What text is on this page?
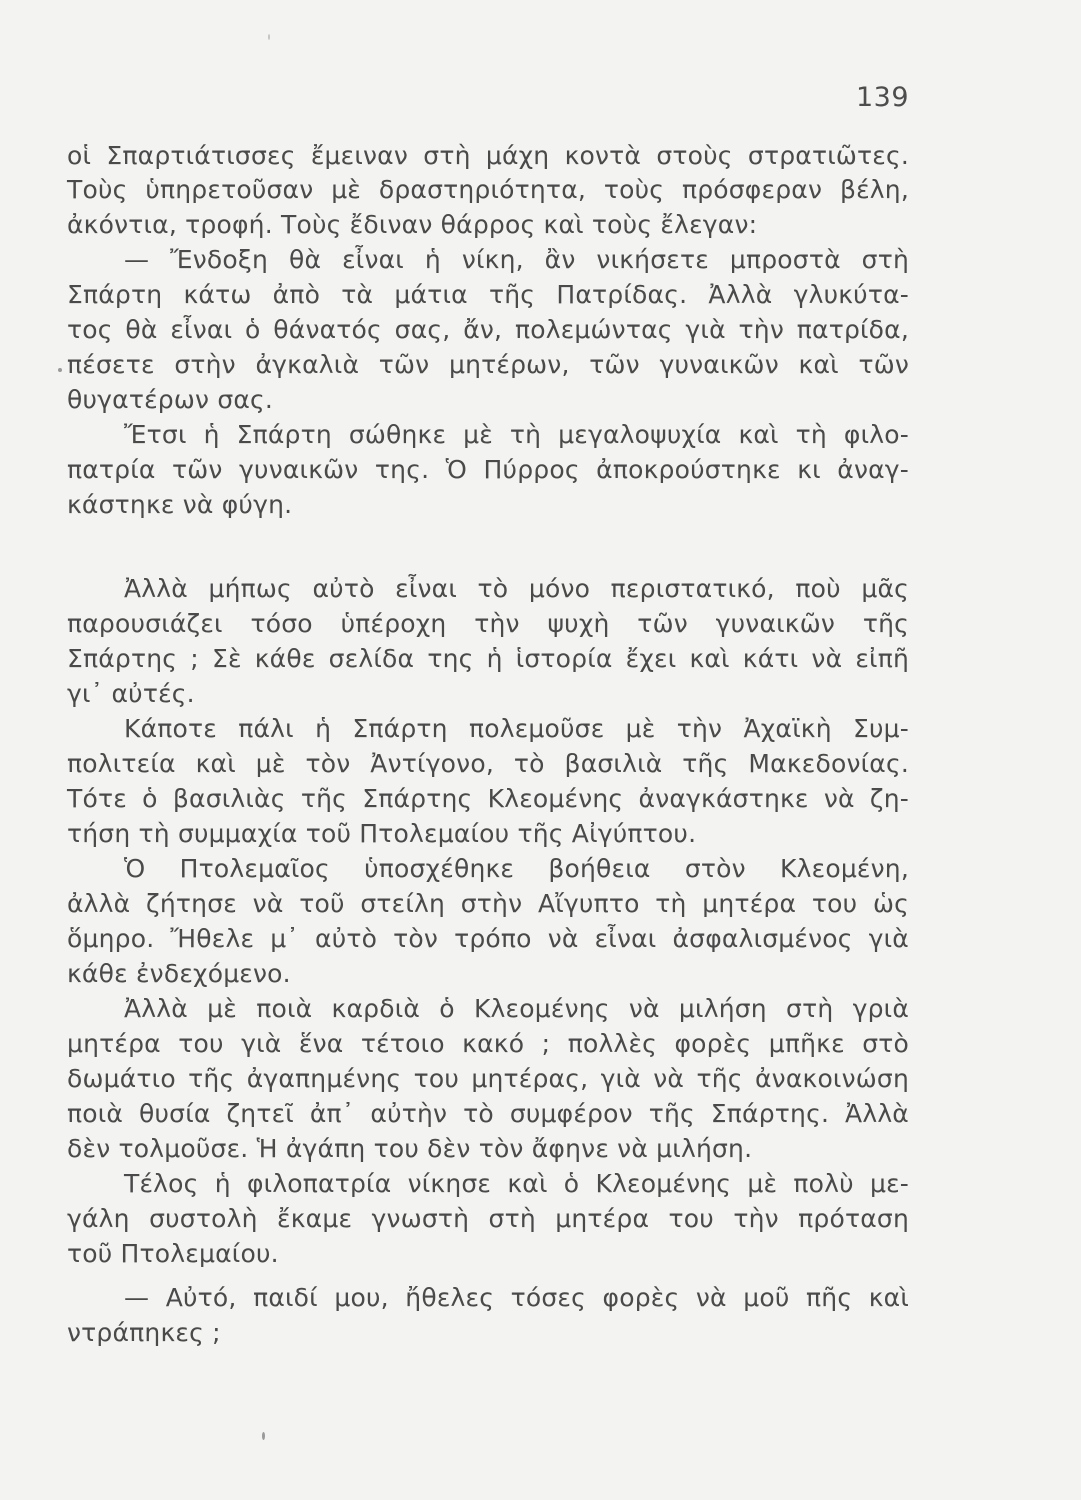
139
οἱ Σπαρτιάτισσες ἔμειναν στὴ μάχη κοντὰ στοὺς στρατιῶτες.
Τοὺς ὑπηρετοῦσαν μὲ δραστηριότητα, τοὺς πρόσφεραν βέλη,
ἀκόντια, τροφή. Τοὺς ἔδιναν θάρρος καὶ τοὺς ἔλεγαν:
— Ἔνδοξη θὰ εἶναι ἡ νίκη, ἂν νικήσετε μπροστὰ στὴ
Σπάρτη κάτω ἀπὸ τὰ μάτια τῆς Πατρίδας. Ἀλλὰ γλυκύτα-
τος θὰ εἶναι ὁ θάνατός σας, ἄν, πολεμώντας γιὰ τὴν πατρίδα,
πέσετε στὴν ἀγκαλιὰ τῶν μητέρων, τῶν γυναικῶν καὶ τῶν
θυγατέρων σας.
Ἔτσι ἡ Σπάρτη σώθηκε μὲ τὴ μεγαλοψυχία καὶ τὴ φιλο-
πατρία τῶν γυναικῶν της. Ὁ Πύρρος ἀποκρούστηκε κι ἀναγ-
κάστηκε νὰ φύγη.
Ἀλλὰ μήπως αὐτὸ εἶναι τὸ μόνο περιστατικό, ποὺ μᾶς
παρουσιάζει τόσο ὑπέροχη τὴν ψυχὴ τῶν γυναικῶν τῆς
Σπάρτης ; Σὲ κάθε σελίδα της ἡ ἱστορία ἔχει καὶ κάτι νὰ εἰπῆ
γι᾿ αὐτές.
Κάποτε πάλι ἡ Σπάρτη πολεμοῦσε μὲ τὴν Ἀχαϊκὴ Συμ-
πολιτεία καὶ μὲ τὸν Ἀντίγονο, τὸ βασιλιὰ τῆς Μακεδονίας.
Τότε ὁ βασιλιὰς τῆς Σπάρτης Κλεομένης ἀναγκάστηκε νὰ ζη-
τήση τὴ συμμαχία τοῦ Πτολεμαίου τῆς Αἰγύπτου.
Ὁ Πτολεμαῖος ὑποσχέθηκε βοήθεια στὸν Κλεομένη,
ἀλλὰ ζήτησε νὰ τοῦ στείλη στὴν Αἴγυπτο τὴ μητέρα του ὡς
ὅμηρο. Ἤθελε μ᾿ αὐτὸ τὸν τρόπο νὰ εἶναι ἀσφαλισμένος γιὰ
κάθε ἐνδεχόμενο.
Ἀλλὰ μὲ ποιὰ καρδιὰ ὁ Κλεομένης νὰ μιλήση στὴ γριὰ
μητέρα του γιὰ ἕνα τέτοιο κακό ; πολλὲς φορὲς μπῆκε στὸ
δωμάτιο τῆς ἀγαπημένης του μητέρας, γιὰ νὰ τῆς ἀνακοινώση
ποιὰ θυσία ζητεῖ ἀπ᾿ αὐτὴν τὸ συμφέρον τῆς Σπάρτης. Ἀλλὰ
δὲν τολμοῦσε. Ἡ ἀγάπη του δὲν τὸν ἄφηνε νὰ μιλήση.
Τέλος ἡ φιλοπατρία νίκησε καὶ ὁ Κλεομένης μὲ πολὺ με-
γάλη συστολὴ ἔκαμε γνωστὴ στὴ μητέρα του τὴν πρόταση
τοῦ Πτολεμαίου.
— Αὐτό, παιδί μου, ἤθελες τόσες φορὲς νὰ μοῦ πῆς καὶ
ντράπηκες ;
